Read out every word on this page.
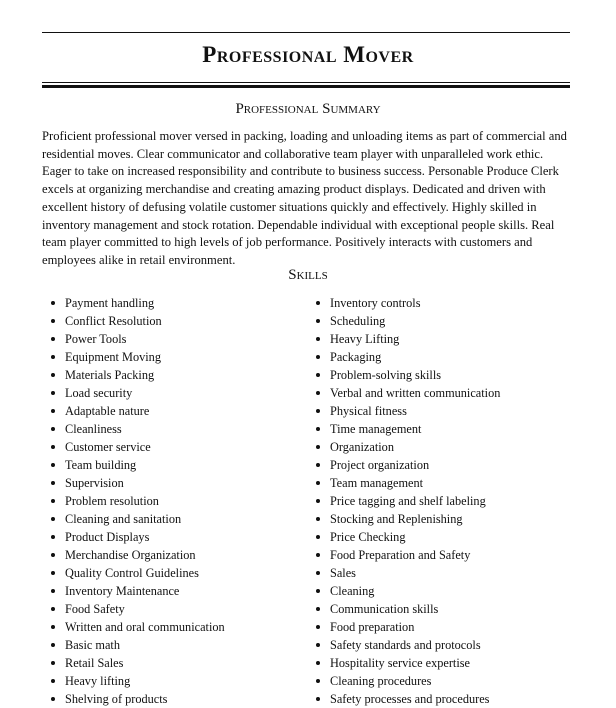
Professional Mover
Professional Summary

Proficient professional mover versed in packing, loading and unloading items as part of commercial and residential moves. Clear communicator and collaborative team player with unparalleled work ethic. Eager to take on increased responsibility and contribute to business success. Personable Produce Clerk excels at organizing merchandise and creating amazing product displays. Dedicated and driven with excellent history of defusing volatile customer situations quickly and effectively. Highly skilled in inventory management and stock rotation. Dependable individual with exceptional people skills. Real team player committed to high levels of job performance. Positively interacts with customers and employees alike in retail environment.

Skills
Payment handling
Conflict Resolution
Power Tools
Equipment Moving
Materials Packing
Load security
Adaptable nature
Cleanliness
Customer service
Team building
Supervision
Problem resolution
Cleaning and sanitation
Product Displays
Merchandise Organization
Quality Control Guidelines
Inventory Maintenance
Food Safety
Written and oral communication
Basic math
Retail Sales
Heavy lifting
Shelving of products
Inventory controls
Scheduling
Heavy Lifting
Packaging
Problem-solving skills
Verbal and written communication
Physical fitness
Time management
Organization
Project organization
Team management
Price tagging and shelf labeling
Stocking and Replenishing
Price Checking
Food Preparation and Safety
Sales
Cleaning
Communication skills
Food preparation
Safety standards and protocols
Hospitality service expertise
Cleaning procedures
Safety processes and procedures
